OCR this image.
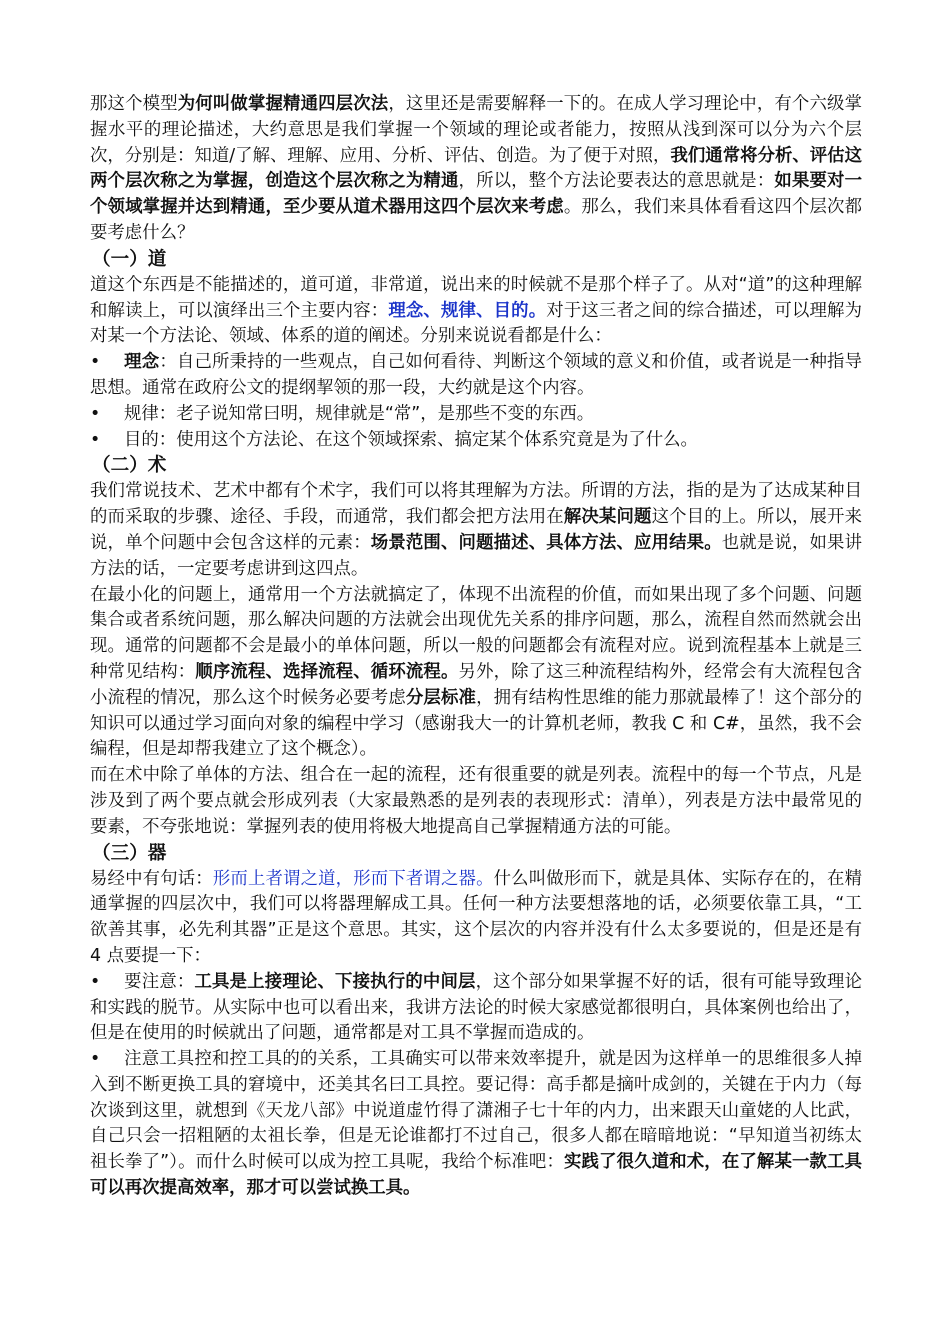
那这个模型为何叫做掌握精通四层次法，这里还是需要解释一下的。在成人学习理论中，有个六级掌握水平的理论描述，大约意思是我们掌握一个领域的理论或者能力，按照从浅到深可以分为六个层次，分别是：知道/了解、理解、应用、分析、评估、创造。为了便于对照，我们通常将分析、评估这两个层次称之为掌握，创造这个层次称之为精通，所以，整个方法论要表达的意思就是：如果要对一个领域掌握并达到精通，至少要从道术器用这四个层次来考虑。那么，我们来具体看看这四个层次都要考虑什么？

（一）道

道这个东西是不能描述的，道可道，非常道，说出来的时候就不是那个样子了。从对“道”的这种理解和解读上，可以演绎出三个主要内容：理念、规律、目的。对于这三者之间的综合描述，可以理解为对某一个方法论、领域、体系的道的阐述。分别来说说看都是什么：

• 理念：自己所秉持的一些观点，自己如何看待、判断这个领域的意义和价值，或者说是一种指导思想。通常在政府公文的提纲挈领的那一段，大约就是这个内容。

• 规律：老子说知常曰明，规律就是“常”，是那些不变的东西。

• 目的：使用这个方法论、在这个领域探索、搞定某个体系究竟是为了什么。

（二）术

我们常说技术、艺术中都有个术字，我们可以将其理解为方法。所谓的方法，指的是为了达成某种目的而采取的步骤、途径、手段，而通常，我们都会把方法用在解决某问题这个目的上。所以，展开来说，单个问题中会包含这样的元素：场景范围、问题描述、具体方法、应用结果。也就是说，如果讲方法的话，一定要考虑讲到这四点。

在最小化的问题上，通常用一个方法就搞定了，体现不出流程的价值，而如果出现了多个问题、问题集合或者系统问题，那么解决问题的方法就会出现优先关系的排序问题，那么，流程自然而然就会出现。通常的问题都不会是最小的单体问题，所以一般的问题都会有流程对应。说到流程基本上就是三种常见结构：顺序流程、选择流程、循环流程。另外，除了这三种流程结构外，经常会有大流程包含小流程的情况，那么这个时候务必要考虑分层标准，拥有结构性思维的能力那就最棒了！这个部分的知识可以通过学习面向对象的编程中学习（感谢我大一的计算机老师，教我 C 和 C#，虽然，我不会编程，但是却帮我建立了这个概念）。

而在术中除了单体的方法、组合在一起的流程，还有很重要的就是列表。流程中的每一个节点，凡是涉及到了两个要点就会形成列表（大家最熟悉的是列表的表现形式：清单），列表是方法中最常见的要素，不夸张地说：掌握列表的使用将极大地提高自己掌握精通方法的可能。

（三）器

易经中有句话：形而上者谓之道，形而下者谓之器。什么叫做形而下，就是具体、实际存在的，在精通掌握的四层次中，我们可以将器理解成工具。任何一种方法要想落地的话，必须要依靠工具，“工欲善其事，必先利其器”正是这个意思。其实，这个层次的内容并没有什么太多要说的，但是还是有 4 点要提一下：

• 要注意：工具是上接理论、下接执行的中间层，这个部分如果掌握不好的话，很有可能导致理论和实践的脱节。从实际中也可以看出来，我讲方法论的时候大家感觉都很明白，具体案例也给出了，但是在使用的时候就出了问题，通常都是对工具不掌握而造成的。

• 注意工具控和控工具的的关系，工具确实可以带来效率提升，就是因为这样单一的思维很多人掉入到不断更换工具的窘境中，还美其名曰工具控。要记得：高手都是摘叶成剑的，关键在于内力（每次谈到这里，就想到《天龙八部》中说道虚竹得了潇湘子七十年的内力，出来跟天山童姥的人比武，自己只会一招粗陋的太祖长拳，但是无论谁都打不过自己，很多人都在暗暗地说：“早知道当初练太祖长拳了”）。而什么时候可以成为控工具呢，我给个标准吧：实践了很久道和术，在了解某一款工具可以再次提高效率，那才可以尝试换工具。
